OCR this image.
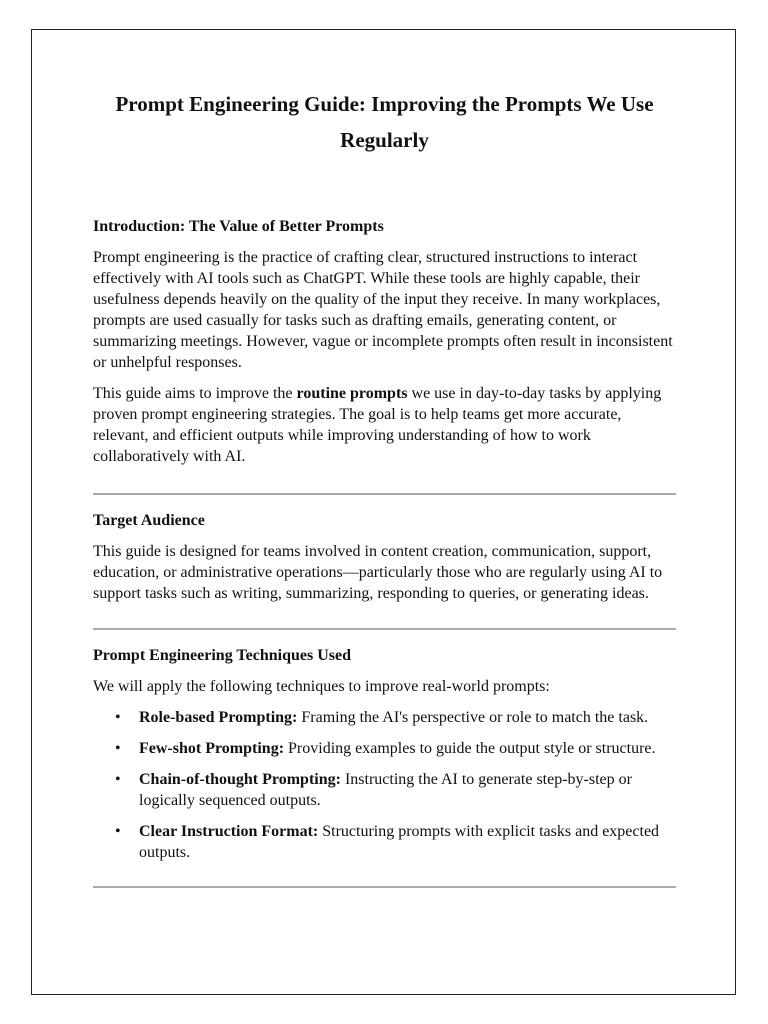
Prompt Engineering Guide: Improving the Prompts We Use Regularly
Introduction: The Value of Better Prompts

Prompt engineering is the practice of crafting clear, structured instructions to interact effectively with AI tools such as ChatGPT. While these tools are highly capable, their usefulness depends heavily on the quality of the input they receive. In many workplaces, prompts are used casually for tasks such as drafting emails, generating content, or summarizing meetings. However, vague or incomplete prompts often result in inconsistent or unhelpful responses.

This guide aims to improve the routine prompts we use in day-to-day tasks by applying proven prompt engineering strategies. The goal is to help teams get more accurate, relevant, and efficient outputs while improving understanding of how to work collaboratively with AI.

Target Audience

This guide is designed for teams involved in content creation, communication, support, education, or administrative operations—particularly those who are regularly using AI to support tasks such as writing, summarizing, responding to queries, or generating ideas.

Prompt Engineering Techniques Used

We will apply the following techniques to improve real-world prompts:

• Role-based Prompting: Framing the AI's perspective or role to match the task.
• Few-shot Prompting: Providing examples to guide the output style or structure.
• Chain-of-thought Prompting: Instructing the AI to generate step-by-step or logically sequenced outputs.
• Clear Instruction Format: Structuring prompts with explicit tasks and expected outputs.
